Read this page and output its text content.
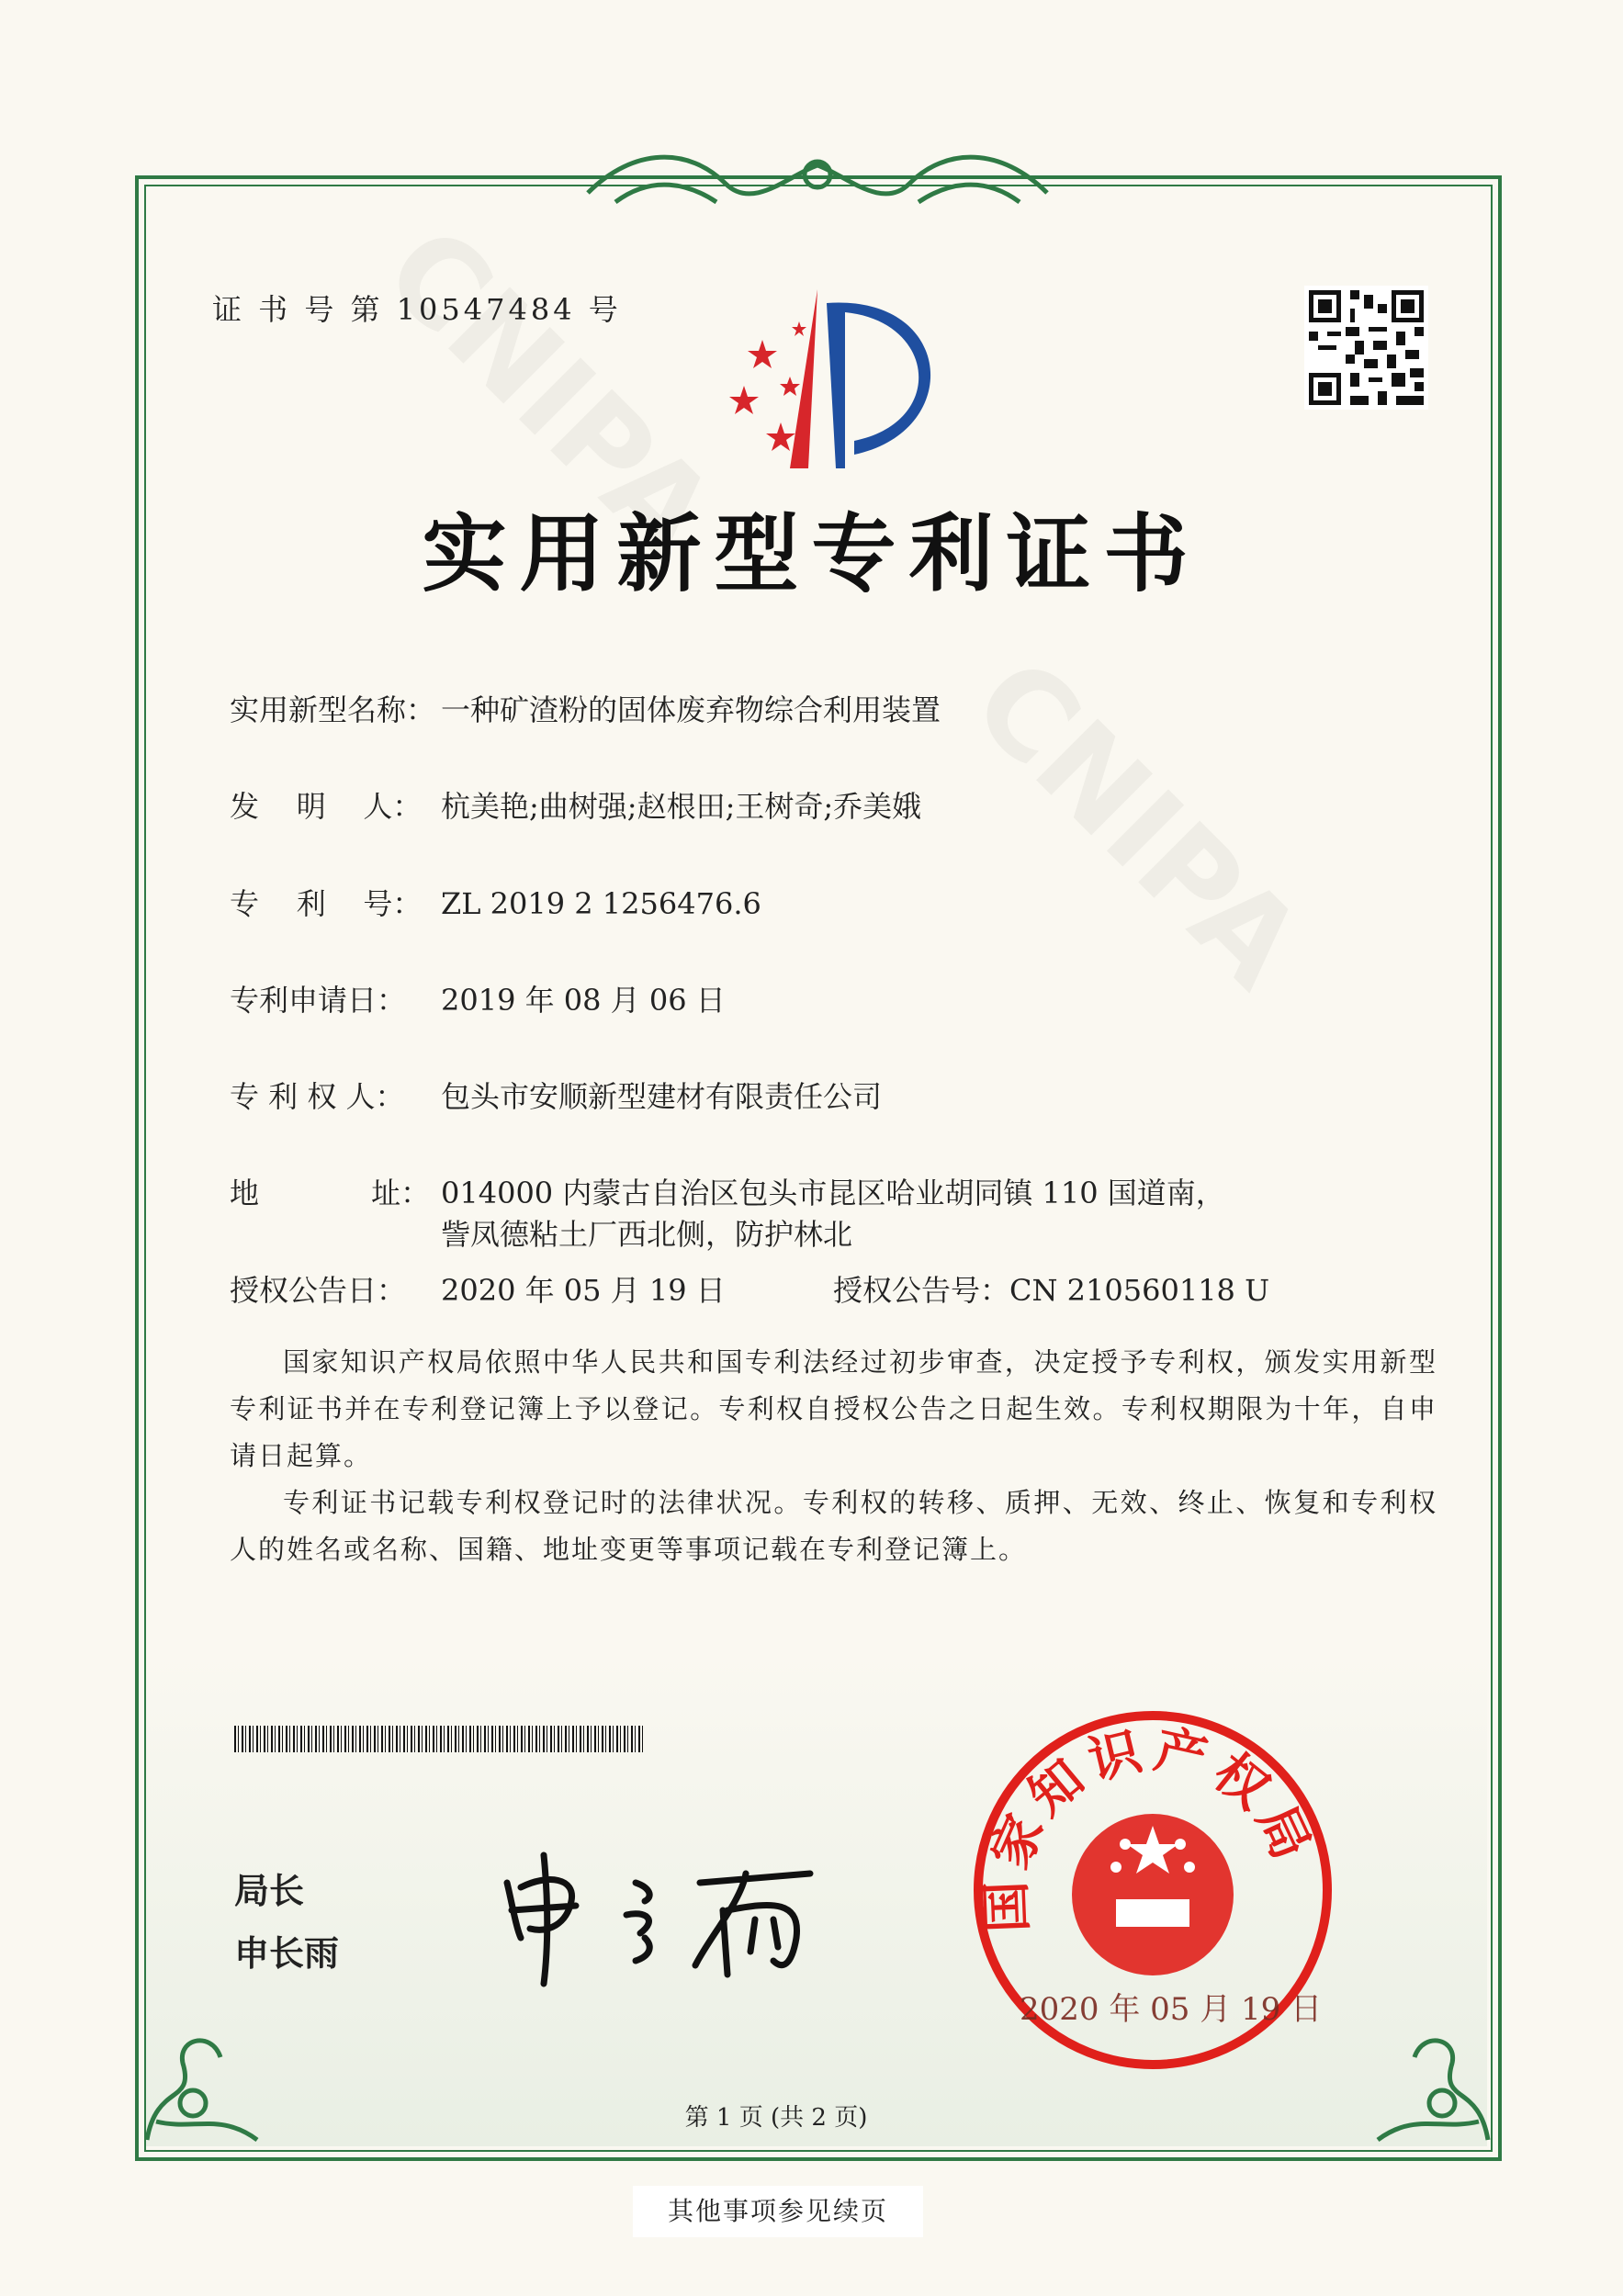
证 书 号 第 10547484 号
实用新型专利证书
实用新型名称： 一种矿渣粉的固体废弃物综合利用装置
发    明    人： 杭美艳;曲树强;赵根田;王树奇;乔美娥
专    利    号： ZL 2019 2 1256476.6
专利申请日： 2019 年 08 月 06 日
专 利 权 人： 包头市安顺新型建材有限责任公司
地            址： 014000 内蒙古自治区包头市昆区哈业胡同镇 110 国道南，
訾凤德粘土厂西北侧，防护林北
授权公告日： 2020 年 05 月 19 日	授权公告号：CN 210560118 U

国家知识产权局依照中华人民共和国专利法经过初步审查，决定授予专利权，颁发实用新型专利证书并在专利登记簿上予以登记。专利权自授权公告之日起生效。专利权期限为十年，自申请日起算。

专利证书记载专利权登记时的法律状况。专利权的转移、质押、无效、终止、恢复和专利权人的姓名或名称、国籍、地址变更等事项记载在专利登记簿上。

局长
申长雨
国家知识产权局
2020 年 05 月 19 日
第 1 页 (共 2 页)
其他事项参见续页
